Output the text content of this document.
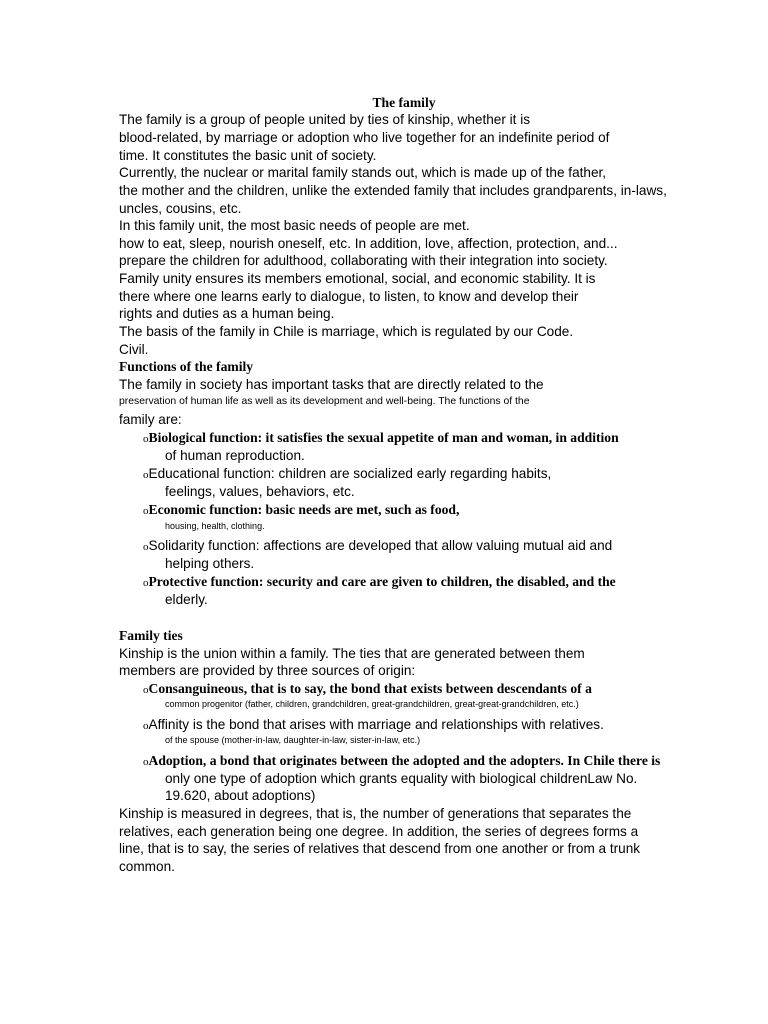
The family
The family is a group of people united by ties of kinship, whether it is
blood-related, by marriage or adoption who live together for an indefinite period of
time. It constitutes the basic unit of society.
Currently, the nuclear or marital family stands out, which is made up of the father,
the mother and the children, unlike the extended family that includes grandparents, in-laws,
uncles, cousins, etc.
In this family unit, the most basic needs of people are met.
how to eat, sleep, nourish oneself, etc. In addition, love, affection, protection, and...
prepare the children for adulthood, collaborating with their integration into society.
Family unity ensures its members emotional, social, and economic stability. It is
there where one learns early to dialogue, to listen, to know and develop their
rights and duties as a human being.
The basis of the family in Chile is marriage, which is regulated by our Code.
Civil.
Functions of the family
The family in society has important tasks that are directly related to the
preservation of human life as well as its development and well-being. The functions of the
family are:
oBiological function: it satisfies the sexual appetite of man and woman, in addition
of human reproduction.
oEducational function: children are socialized early regarding habits,
feelings, values, behaviors, etc.
oEconomic function: basic needs are met, such as food,
housing, health, clothing.
oSolidarity function: affections are developed that allow valuing mutual aid and
helping others.
oProtective function: security and care are given to children, the disabled, and the
elderly.
Family ties
Kinship is the union within a family. The ties that are generated between them
members are provided by three sources of origin:
oConsanguineous, that is to say, the bond that exists between descendants of a
common progenitor (father, children, grandchildren, great-grandchildren, great-great-grandchildren, etc.)
oAffinity is the bond that arises with marriage and relationships with relatives.
of the spouse (mother-in-law, daughter-in-law, sister-in-law, etc.)
oAdoption, a bond that originates between the adopted and the adopters. In Chile there is
only one type of adoption which grants equality with biological childrenLaw No.
19.620, about adoptions)
Kinship is measured in degrees, that is, the number of generations that separates the
relatives, each generation being one degree. In addition, the series of degrees forms a
line, that is to say, the series of relatives that descend from one another or from a trunk
common.
